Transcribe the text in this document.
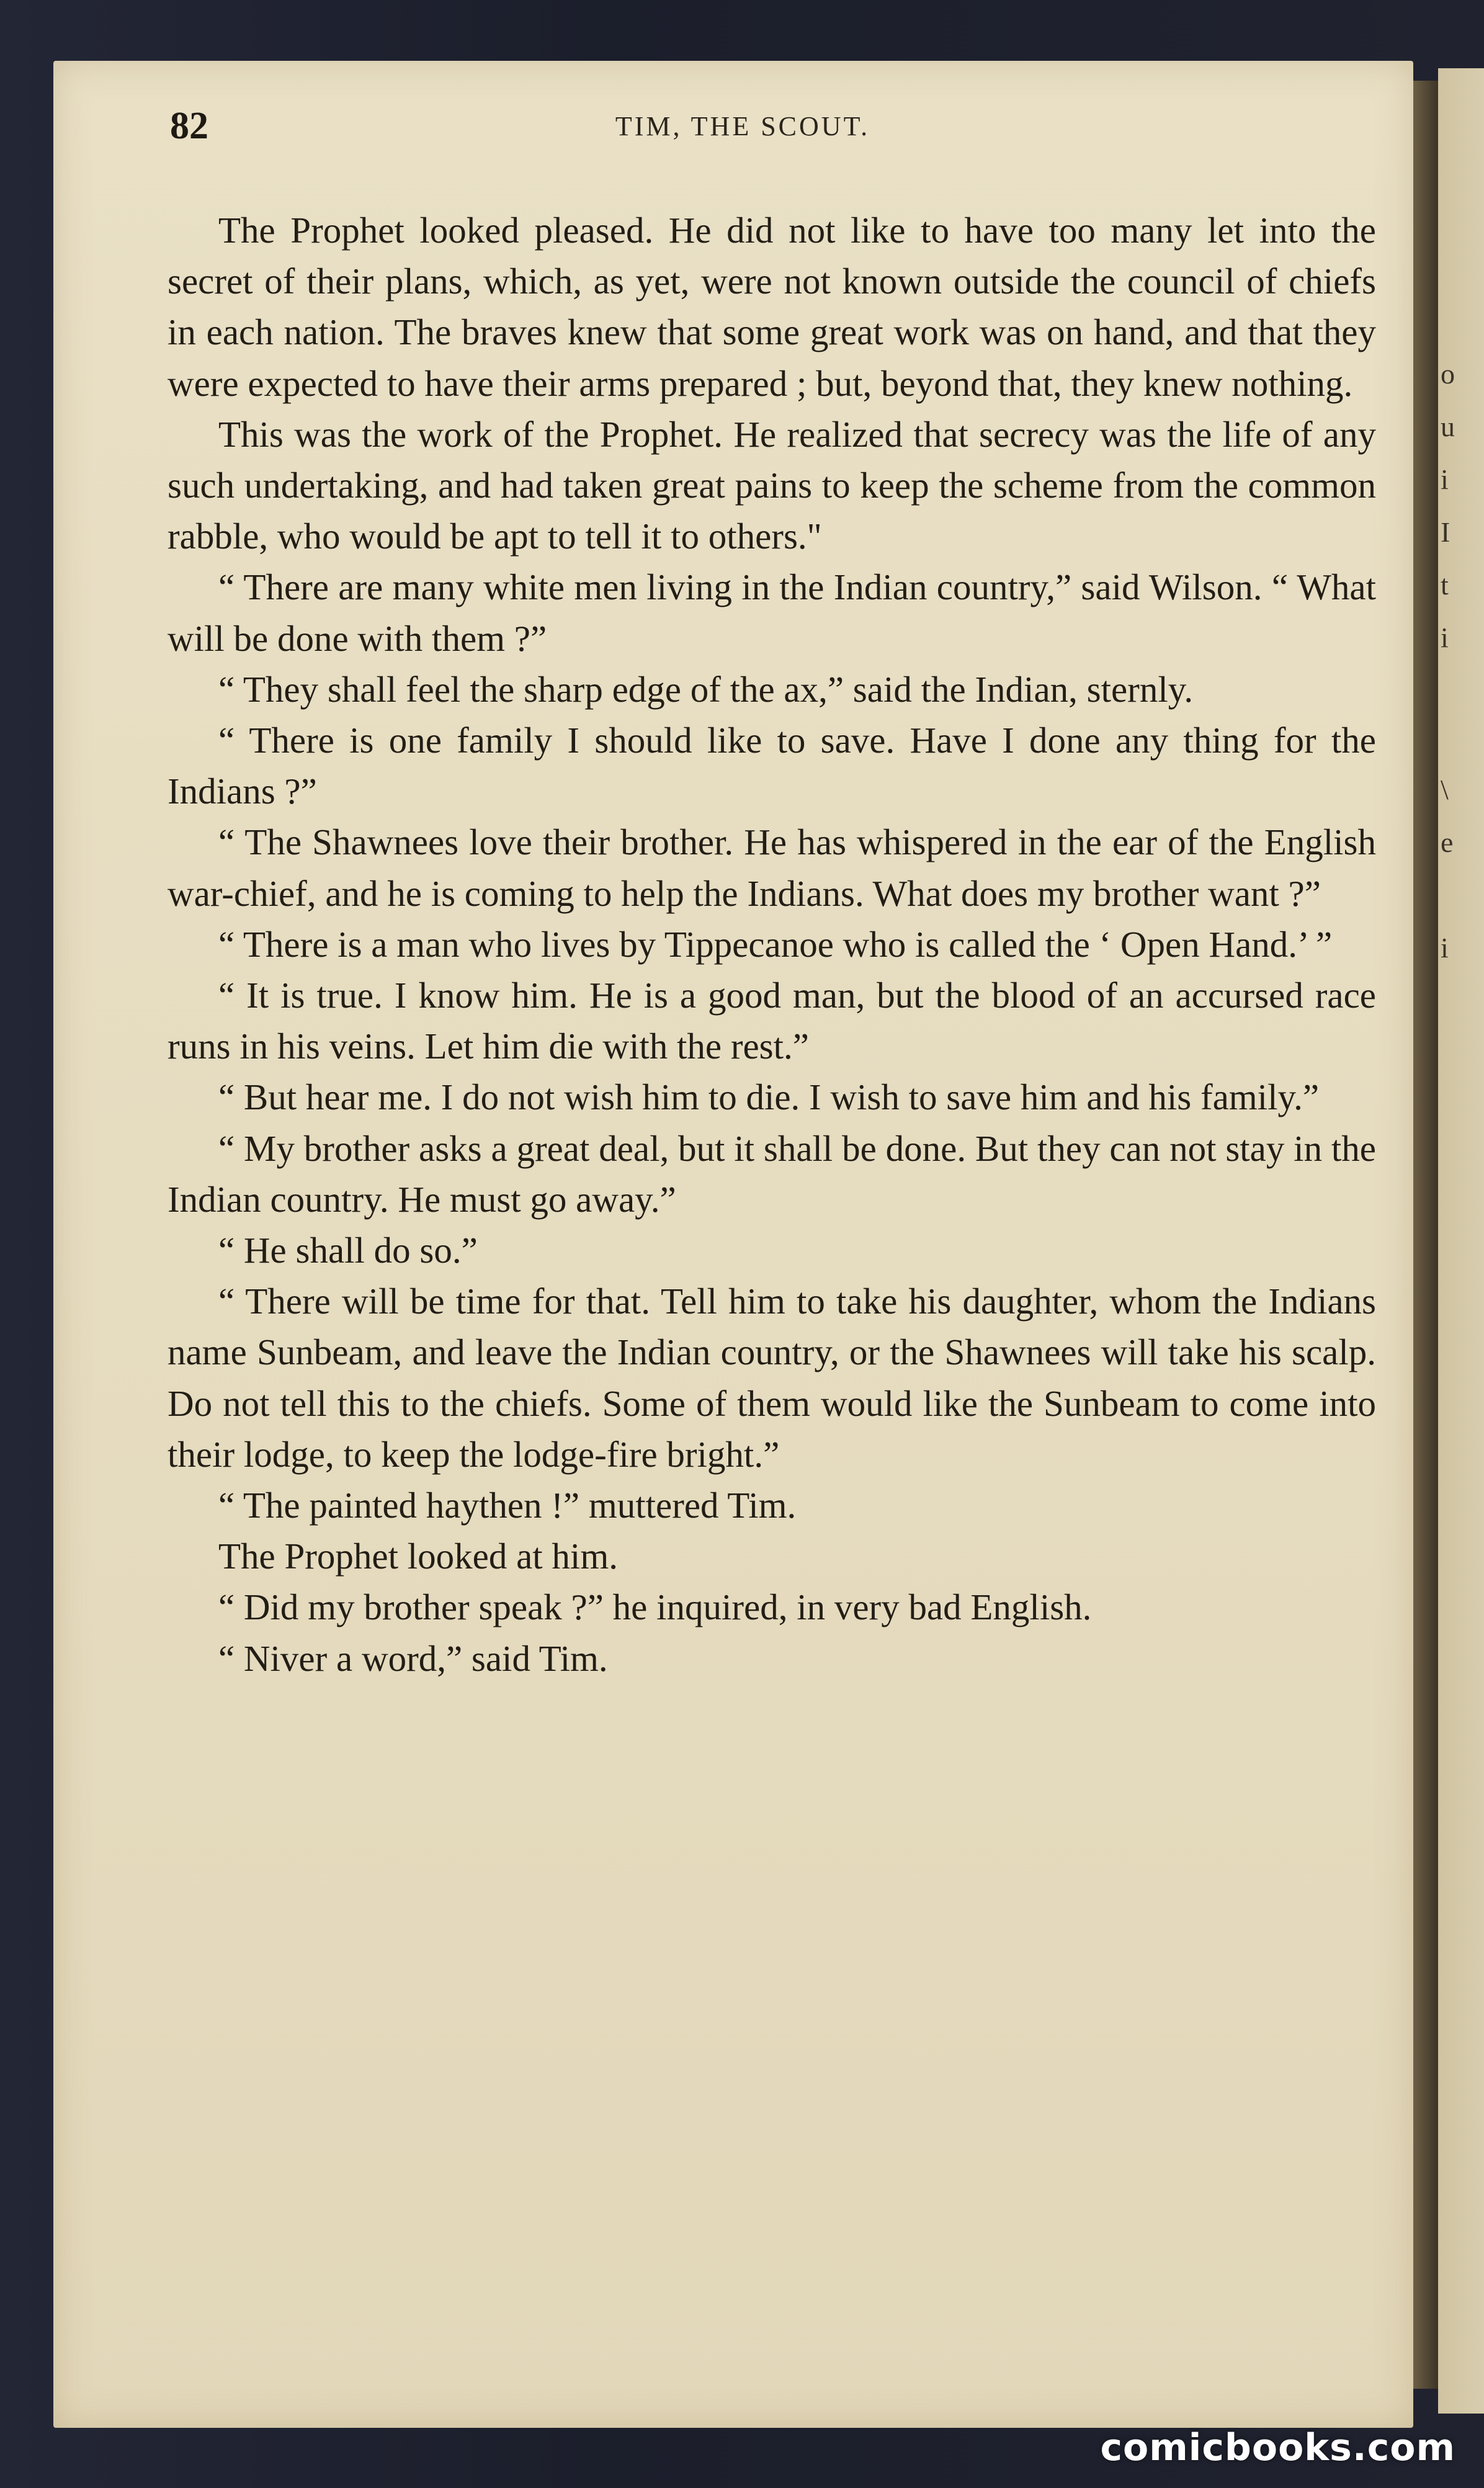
o
u
i
I
t
i
\
e
i
82	TIM, THE SCOUT.

The Prophet looked pleased. He did not like to have too many let into the secret of their plans, which, as yet, were not known outside the council of chiefs in each nation. The braves knew that some great work was on hand, and that they were expected to have their arms prepared ; but, beyond that, they knew nothing.

This was the work of the Prophet. He realized that secrecy was the life of any such undertaking, and had taken great pains to keep the scheme from the common rabble, who would be apt to tell it to others."

“ There are many white men living in the Indian country,” said Wilson. “ What will be done with them ?”

“ They shall feel the sharp edge of the ax,” said the Indian, sternly.

“ There is one family I should like to save. Have I done any thing for the Indians ?”

“ The Shawnees love their brother. He has whispered in the ear of the English war-chief, and he is coming to help the Indians. What does my brother want ?”

“ There is a man who lives by Tippecanoe who is called the ‘ Open Hand.’ ”

“ It is true. I know him. He is a good man, but the blood of an accursed race runs in his veins. Let him die with the rest.”

“ But hear me. I do not wish him to die. I wish to save him and his family.”

“ My brother asks a great deal, but it shall be done. But they can not stay in the Indian country. He must go away.”

“ He shall do so.”

“ There will be time for that. Tell him to take his daughter, whom the Indians name Sunbeam, and leave the Indian country, or the Shawnees will take his scalp. Do not tell this to the chiefs. Some of them would like the Sunbeam to come into their lodge, to keep the lodge-fire bright.”

“ The painted haythen !” muttered Tim.

The Prophet looked at him.

“ Did my brother speak ?” he inquired, in very bad English.

“ Niver a word,” said Tim.

comicbooks.com
